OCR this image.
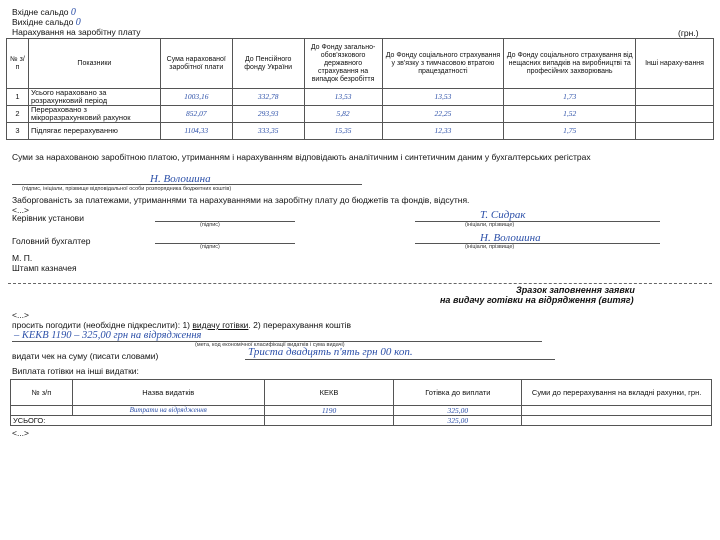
Вхідне сальдо 0
Вихідне сальдо 0
Нарахування на заробітну плату	(грн.)
№ з/п	Показники	Сума нарахованої заробітної плати	До Пенсійного фонду України	До Фонду загально-обов'язкового державного страхування на випадок безробіття	До Фонду соціального страхування у зв'язку з тимчасовою втратою працездатності	До Фонду соціального страхування від нещасних випадків на виробництві та професійних захворювань	Інші нараху-вання
1	Усього нараховано за розрахунковий період	1003,16	332,78	13,53	13,53	1,73	
2	Перераховано з мікроразрахунковий рахунок	852,07	293,93	5,82	22,25	1,52	
3	Підлягає перерахуванню	1104,33	333,35	15,35	12,33	1,75	
Суми за нарахованою заробітною платою, утриманням і нарахуванням відповідають аналітичним і синтетичним даним у бухгалтерських регістрах
Н. Волошина
(підпис, ініціали, прізвище відповідальної особи розпорядника бюджетних коштів)
Заборгованість за платежами, утриманнями та нарахуваннями на заробітну плату до бюджетів та фондів, відсутня.
<...>
Керівник установи
(підпис)
Т. Сидрак
(ініціали, прізвище)
Головний бухгалтер
(підпис)
Н. Волошина
(ініціали, прізвище)
М. П.
Штамп казначея
Зразок заповнення заявки
на видачу готівки на відрядження (витяг)
<...>
просить погодити (необхідне підкреслити): 1) видачу готівки. 2) перерахування коштів
– КЕКВ 1190 – 325,00 грн на відрядження
(мета, код економічної класифікації видатків і сума видачі)
видати чек на суму (писати словами)	Триста двадцять п'ять грн 00 коп.
Виплата готівки на інші видатки:
№ з/п	Назва видатків	КЕКВ	Готівка до виплати	Суми до перерахування на вкладні рахунки, грн.
	Витрати на відрядження	1190	325,00	
УСЬОГО:			325,00	
<...>
